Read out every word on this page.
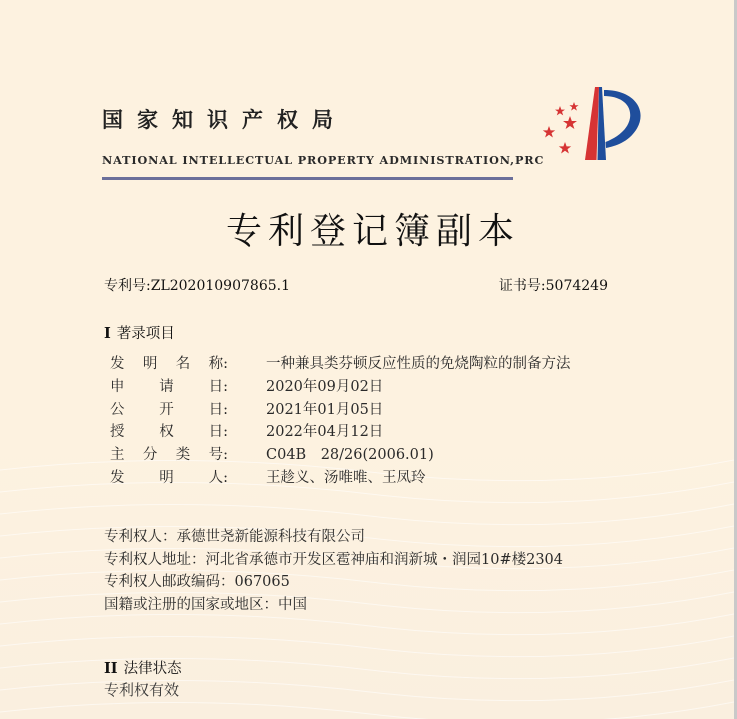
国家知识产权局
NATIONAL INTELLECTUAL PROPERTY ADMINISTRATION,PRC
专利登记簿副本
专利号:ZL202010907865.1	证书号:5074249
I 著录项目
发 明 名 称:	一种兼具类芬顿反应性质的免烧陶粒的制备方法
申 请 日:	2020年09月02日
公 开 日:	2021年01月05日
授 权 日:	2022年04月12日
主 分 类 号:	C04B　28/26(2006.01)
发 明 人:	王趁义、汤唯唯、王凤玲
专利权人：承德世尧新能源科技有限公司
专利权人地址：河北省承德市开发区雹神庙和润新城・润园10#楼2304
专利权人邮政编码：067065
国籍或注册的国家或地区：中国
II 法律状态
专利权有效
